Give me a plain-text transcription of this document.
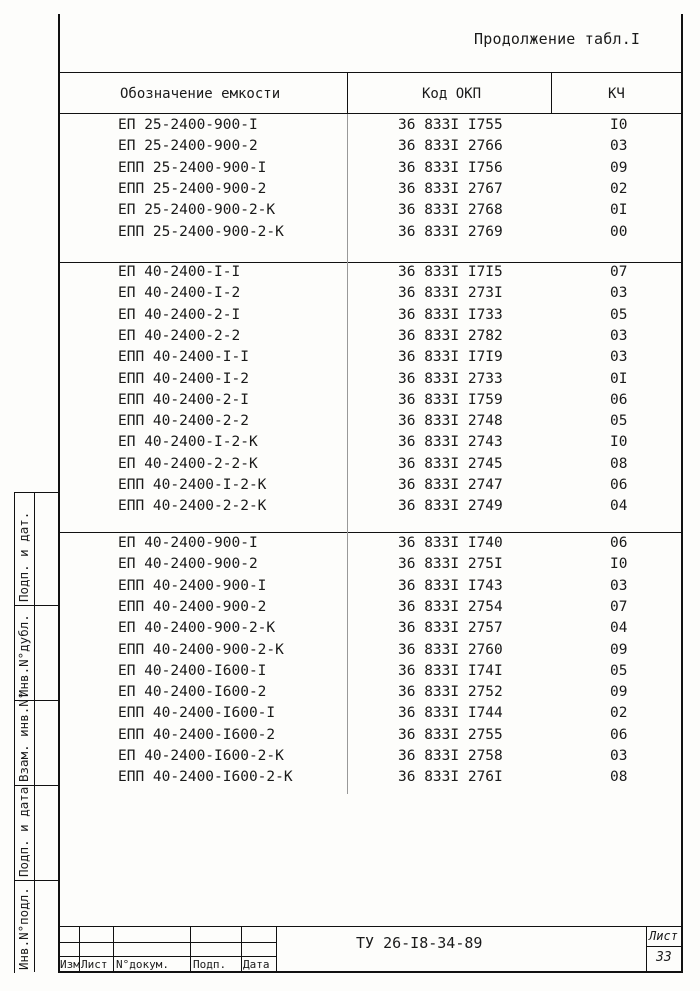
Продолжение табл.I
Обозначение емкости	Код ОКП	КЧ
ЕП 25-2400-900-I	36 833I I755	I0
ЕП 25-2400-900-2	36 833I 2766	03
ЕПП 25-2400-900-I	36 833I I756	09
ЕПП 25-2400-900-2	36 833I 2767	02
ЕП 25-2400-900-2-К	36 833I 2768	0I
ЕПП 25-2400-900-2-К	36 833I 2769	00
ЕП 40-2400-I-I	36 833I I7I5	07
ЕП 40-2400-I-2	36 833I 273I	03
ЕП 40-2400-2-I	36 833I I733	05
ЕП 40-2400-2-2	36 833I 2782	03
ЕПП 40-2400-I-I	36 833I I7I9	03
ЕПП 40-2400-I-2	36 833I 2733	0I
ЕПП 40-2400-2-I	36 833I I759	06
ЕПП 40-2400-2-2	36 833I 2748	05
ЕП 40-2400-I-2-К	36 833I 2743	I0
ЕП 40-2400-2-2-К	36 833I 2745	08
ЕПП 40-2400-I-2-К	36 833I 2747	06
ЕПП 40-2400-2-2-К	36 833I 2749	04
ЕП 40-2400-900-I	36 833I I740	06
ЕП 40-2400-900-2	36 833I 275I	I0
ЕПП 40-2400-900-I	36 833I I743	03
ЕПП 40-2400-900-2	36 833I 2754	07
ЕП 40-2400-900-2-К	36 833I 2757	04
ЕПП 40-2400-900-2-К	36 833I 2760	09
ЕП 40-2400-I600-I	36 833I I74I	05
ЕП 40-2400-I600-2	36 833I 2752	09
ЕПП 40-2400-I600-I	36 833I I744	02
ЕПП 40-2400-I600-2	36 833I 2755	06
ЕП 40-2400-I600-2-К	36 833I 2758	03
ЕПП 40-2400-I600-2-К	36 833I 276I	08
Инв.N°подл.
Подп. и дата
Взам. инв.N°
Инв.N°дубл.
Подп. и дат.
Изм Лист N°докум. Подп. Дата
ТУ 26-I8-34-89	Лист
33
